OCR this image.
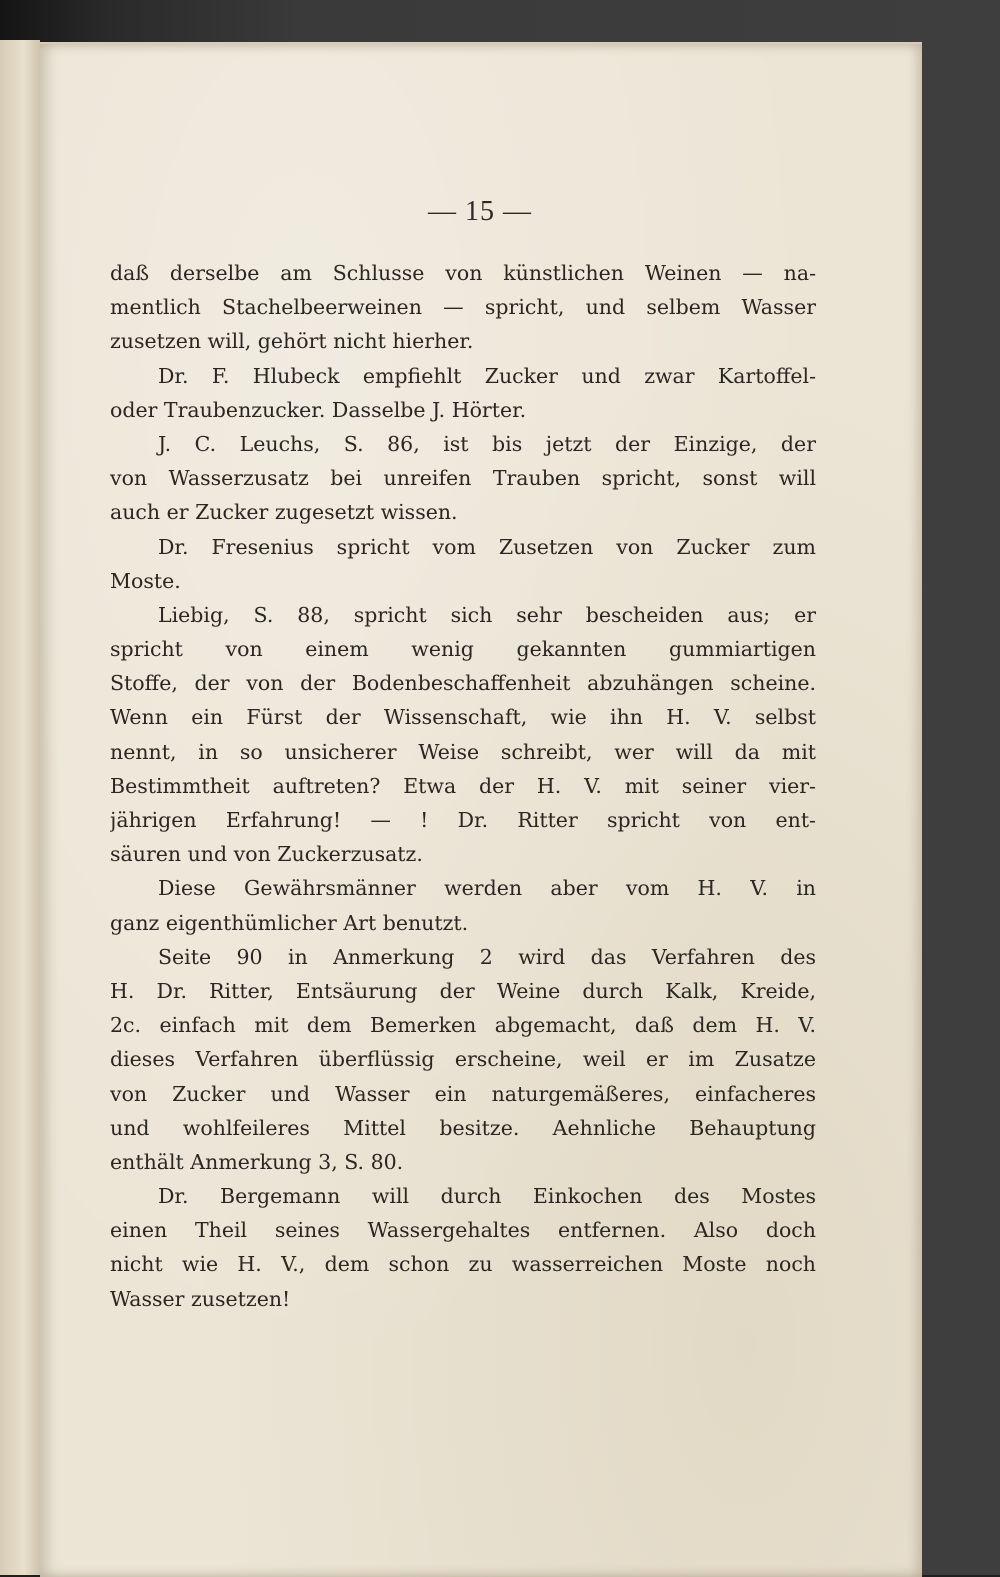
— 15 —
daß derselbe am Schlusse von künstlichen Weinen — na-
mentlich Stachelbeerweinen — spricht, und selbem Wasser
zusetzen will, gehört nicht hierher.
Dr. F. Hlubeck empfiehlt Zucker und zwar Kartoffel-
oder Traubenzucker. Dasselbe J. Hörter.
J. C. Leuchs, S. 86, ist bis jetzt der Einzige, der
von Wasserzusatz bei unreifen Trauben spricht, sonst will
auch er Zucker zugesetzt wissen.
Dr. Fresenius spricht vom Zusetzen von Zucker zum
Moste.
Liebig, S. 88, spricht sich sehr bescheiden aus; er
spricht von einem wenig gekannten gummiartigen
Stoffe, der von der Bodenbeschaffenheit abzuhängen scheine.
Wenn ein Fürst der Wissenschaft, wie ihn H. V. selbst
nennt, in so unsicherer Weise schreibt, wer will da mit
Bestimmtheit auftreten? Etwa der H. V. mit seiner vier-
jährigen Erfahrung! — ! Dr. Ritter spricht von ent-
säuren und von Zuckerzusatz.
Diese Gewährsmänner werden aber vom H. V. in
ganz eigenthümlicher Art benutzt.
Seite 90 in Anmerkung 2 wird das Verfahren des
H. Dr. Ritter, Entsäurung der Weine durch Kalk, Kreide,
2c. einfach mit dem Bemerken abgemacht, daß dem H. V.
dieses Verfahren überflüssig erscheine, weil er im Zusatze
von Zucker und Wasser ein naturgemäßeres, einfacheres
und wohlfeileres Mittel besitze. Aehnliche Behauptung
enthält Anmerkung 3, S. 80.
Dr. Bergemann will durch Einkochen des Mostes
einen Theil seines Wassergehaltes entfernen. Also doch
nicht wie H. V., dem schon zu wasserreichen Moste noch
Wasser zusetzen!
